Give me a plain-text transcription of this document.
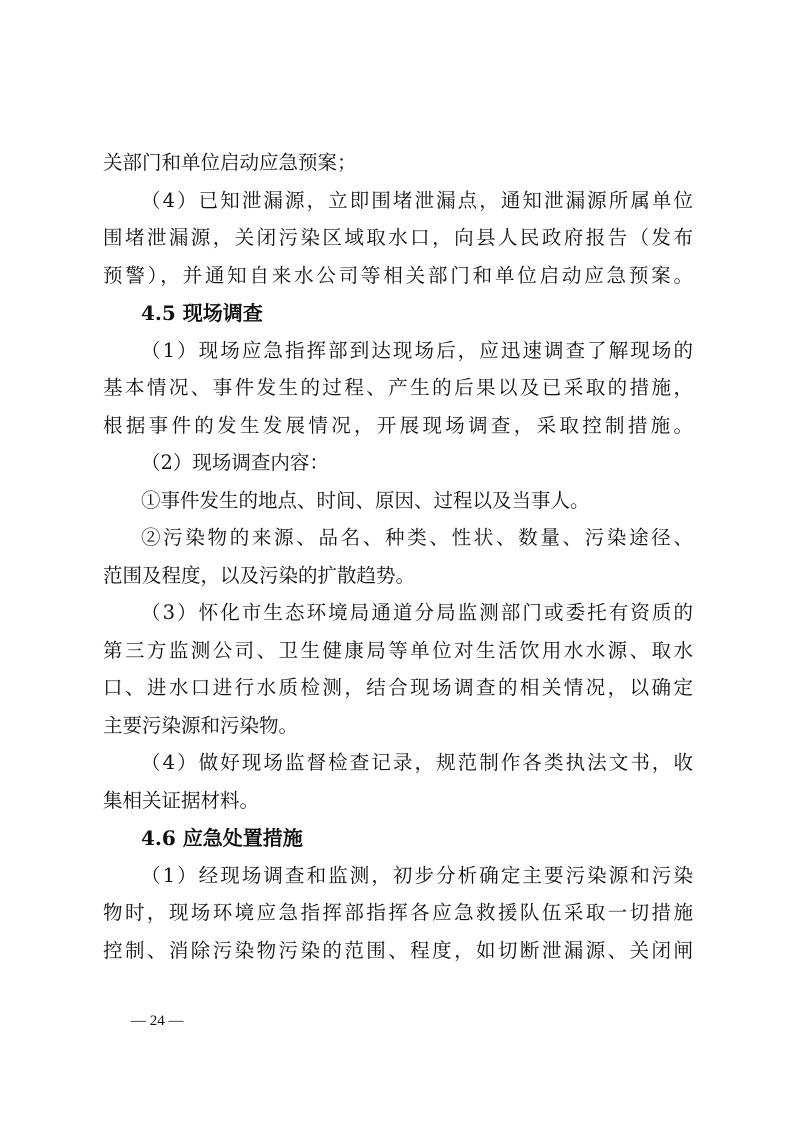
关部门和单位启动应急预案；
（4）已知泄漏源，立即围堵泄漏点，通知泄漏源所属单位
围堵泄漏源，关闭污染区域取水口，向县人民政府报告（发布
预警），并通知自来水公司等相关部门和单位启动应急预案。
4.5 现场调查
（1）现场应急指挥部到达现场后，应迅速调查了解现场的
基本情况、事件发生的过程、产生的后果以及已采取的措施，
根据事件的发生发展情况，开展现场调查，采取控制措施。
（2）现场调查内容：
①事件发生的地点、时间、原因、过程以及当事人。
②污染物的来源、品名、种类、性状、数量、污染途径、
范围及程度，以及污染的扩散趋势。
（3）怀化市生态环境局通道分局监测部门或委托有资质的
第三方监测公司、卫生健康局等单位对生活饮用水水源、取水
口、进水口进行水质检测，结合现场调查的相关情况，以确定
主要污染源和污染物。
（4）做好现场监督检查记录，规范制作各类执法文书，收
集相关证据材料。
4.6 应急处置措施
（1）经现场调查和监测，初步分析确定主要污染源和污染
物时，现场环境应急指挥部指挥各应急救援队伍采取一切措施
控制、消除污染物污染的范围、程度，如切断泄漏源、关闭闸
— 24 —
